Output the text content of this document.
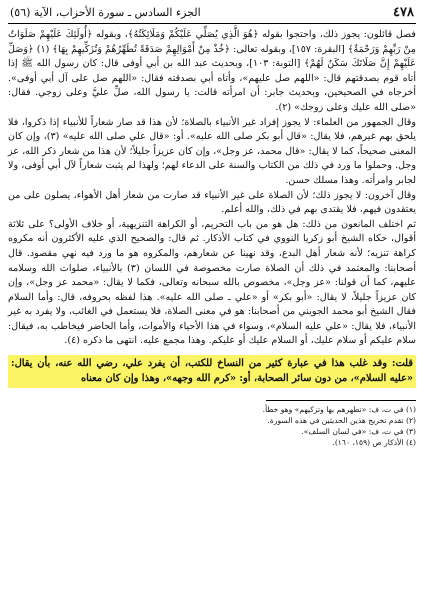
٤٧٨
الجزء السادس ـ سورة الأحزاب، الآية (٥٦)

فصل قائلون: يجوز ذلك، واحتجوا بقوله ﴿هُوَ الَّذِي يُصَلِّي عَلَيْكُمْ وَمَلَائِكَتُهُ﴾، وبقوله ﴿أُولَئِكَ عَلَيْهِمْ صَلَوَاتٌ مِنْ رَبِّهِمْ وَرَحْمَةٌ﴾ [البقرة: ١٥٧]، وبقوله تعالى: ﴿خُذْ مِنْ أَمْوَالِهِمْ صَدَقَةً تُطَهِّرُهُمْ وَتُزَكِّيهِمْ بِهَا﴾ (١) ﴿وَصَلِّ عَلَيْهِمْ إِنَّ صَلَاتَكَ سَكَنٌ لَهُمْ﴾ [التوبة: ١٠٣]، وبحديث عبد الله بن أبي أوفى قال: كان رسول الله ﷺ إذا أتاه قوم بصدقتهم قال: «اللهم صل عليهم»، وأتاه أبي بصدقته فقال: «اللهم صل على آل أبي أوفى». أخرجاه في الصحيحين، وبحديث جابر: أن امرأته قالت: يا رسول الله، صلِّ عليَّ وعلى زوجي. فقال: «صلى الله عليك وعلى زوجك» (٢).

وقال الجمهور من العلماء: لا يجوز إفراد غير الأنبياء بالصلاة؛ لأن هذا قد صار شعاراً للأنبياء إذا ذكروا، فلا يلحق بهم غيرهم، فلا يقال: «قال أبو بكر صلى الله عليه». أو: «قال علي صلى الله عليه» (٣)، وإن كان المعنى صحيحاً، كما لا يقال: «قال محمد، عز وجل»، وإن كان عزيزاً جليلاً؛ لأن هذا من شعار ذكر الله، عز وجل. وحملوا ما ورد في ذلك من الكتاب والسنة على الدعاء لهم؛ ولهذا لم يثبت شعاراً لآل أبي أوفى، ولا لجابر وامرأته. وهذا مسلك حسن.

وقال آخرون: لا يجوز ذلك؛ لأن الصلاة على غير الأنبياء قد صارت من شعار أهل الأهواء، يصلون على من يعتقدون فيهم، فلا يقتدى بهم في ذلك، والله أعلم.

ثم اختلف المانعون من ذلك: هل هو من باب التحريم، أو الكراهة التنزيهية، أو خلاف الأولى؟ على ثلاثة أقوال، حكاه الشيخ أبو زكريا النووي في كتاب الأذكار. ثم قال: والصحيح الذي عليه الأكثرون أنه مكروه كراهة تنزيه؛ لأنه شعار أهل البدع، وقد نهينا عن شعارهم، والمكروه هو ما ورد فيه نهي مقصود. قال أصحابنا: والمعتمد في ذلك أن الصلاة صارت مخصوصة في اللسان (٣) بالأنبياء، صلوات الله وسلامه عليهم، كما أن قولنا: «عز وجل»، مخصوص بالله سبحانه وتعالى، فكما لا يقال: «محمد عز وجل»، وإن كان عزيزاً جليلاً، لا يقال: «أبو بكر» أو «علي ـ صلى الله عليه». هذا لفظه بحروفه، قال: وأما السلام فقال الشيخ أبو محمد الجويني من أصحابنا: هو في معنى الصلاة، فلا يستعمل في الغائب، ولا يفرد به غير الأنبياء، فلا يقال: «علي عليه السلام»، وسواء في هذا الأحياء والأموات، وأما الحاضر فيخاطب به، فيقال: سلام عليكم أو سلام عليك، أو السلام عليك أو عليكم. وهذا مجمع عليه. انتهى ما ذكره (٤).

قلت: وقد غلب هذا في عبارة كثير من النساخ للكتب، أن يفرد علي، رضي الله عنه، بأن يقال: «عليه السلام»، من دون سائر الصحابة، أو: «كرم الله وجهه»، وهذا وإن كان معناه

(١) في ت، ف: «تطهرهم بها وتزكيهم» وهو خطأ.

(٢) تقدم تخريج هذين الحديثين في هذه السورة.

(٣) في ت، ف: «في لسان السلف».

(٤) الأذكار ص (١٥٩، ١٦٠).
